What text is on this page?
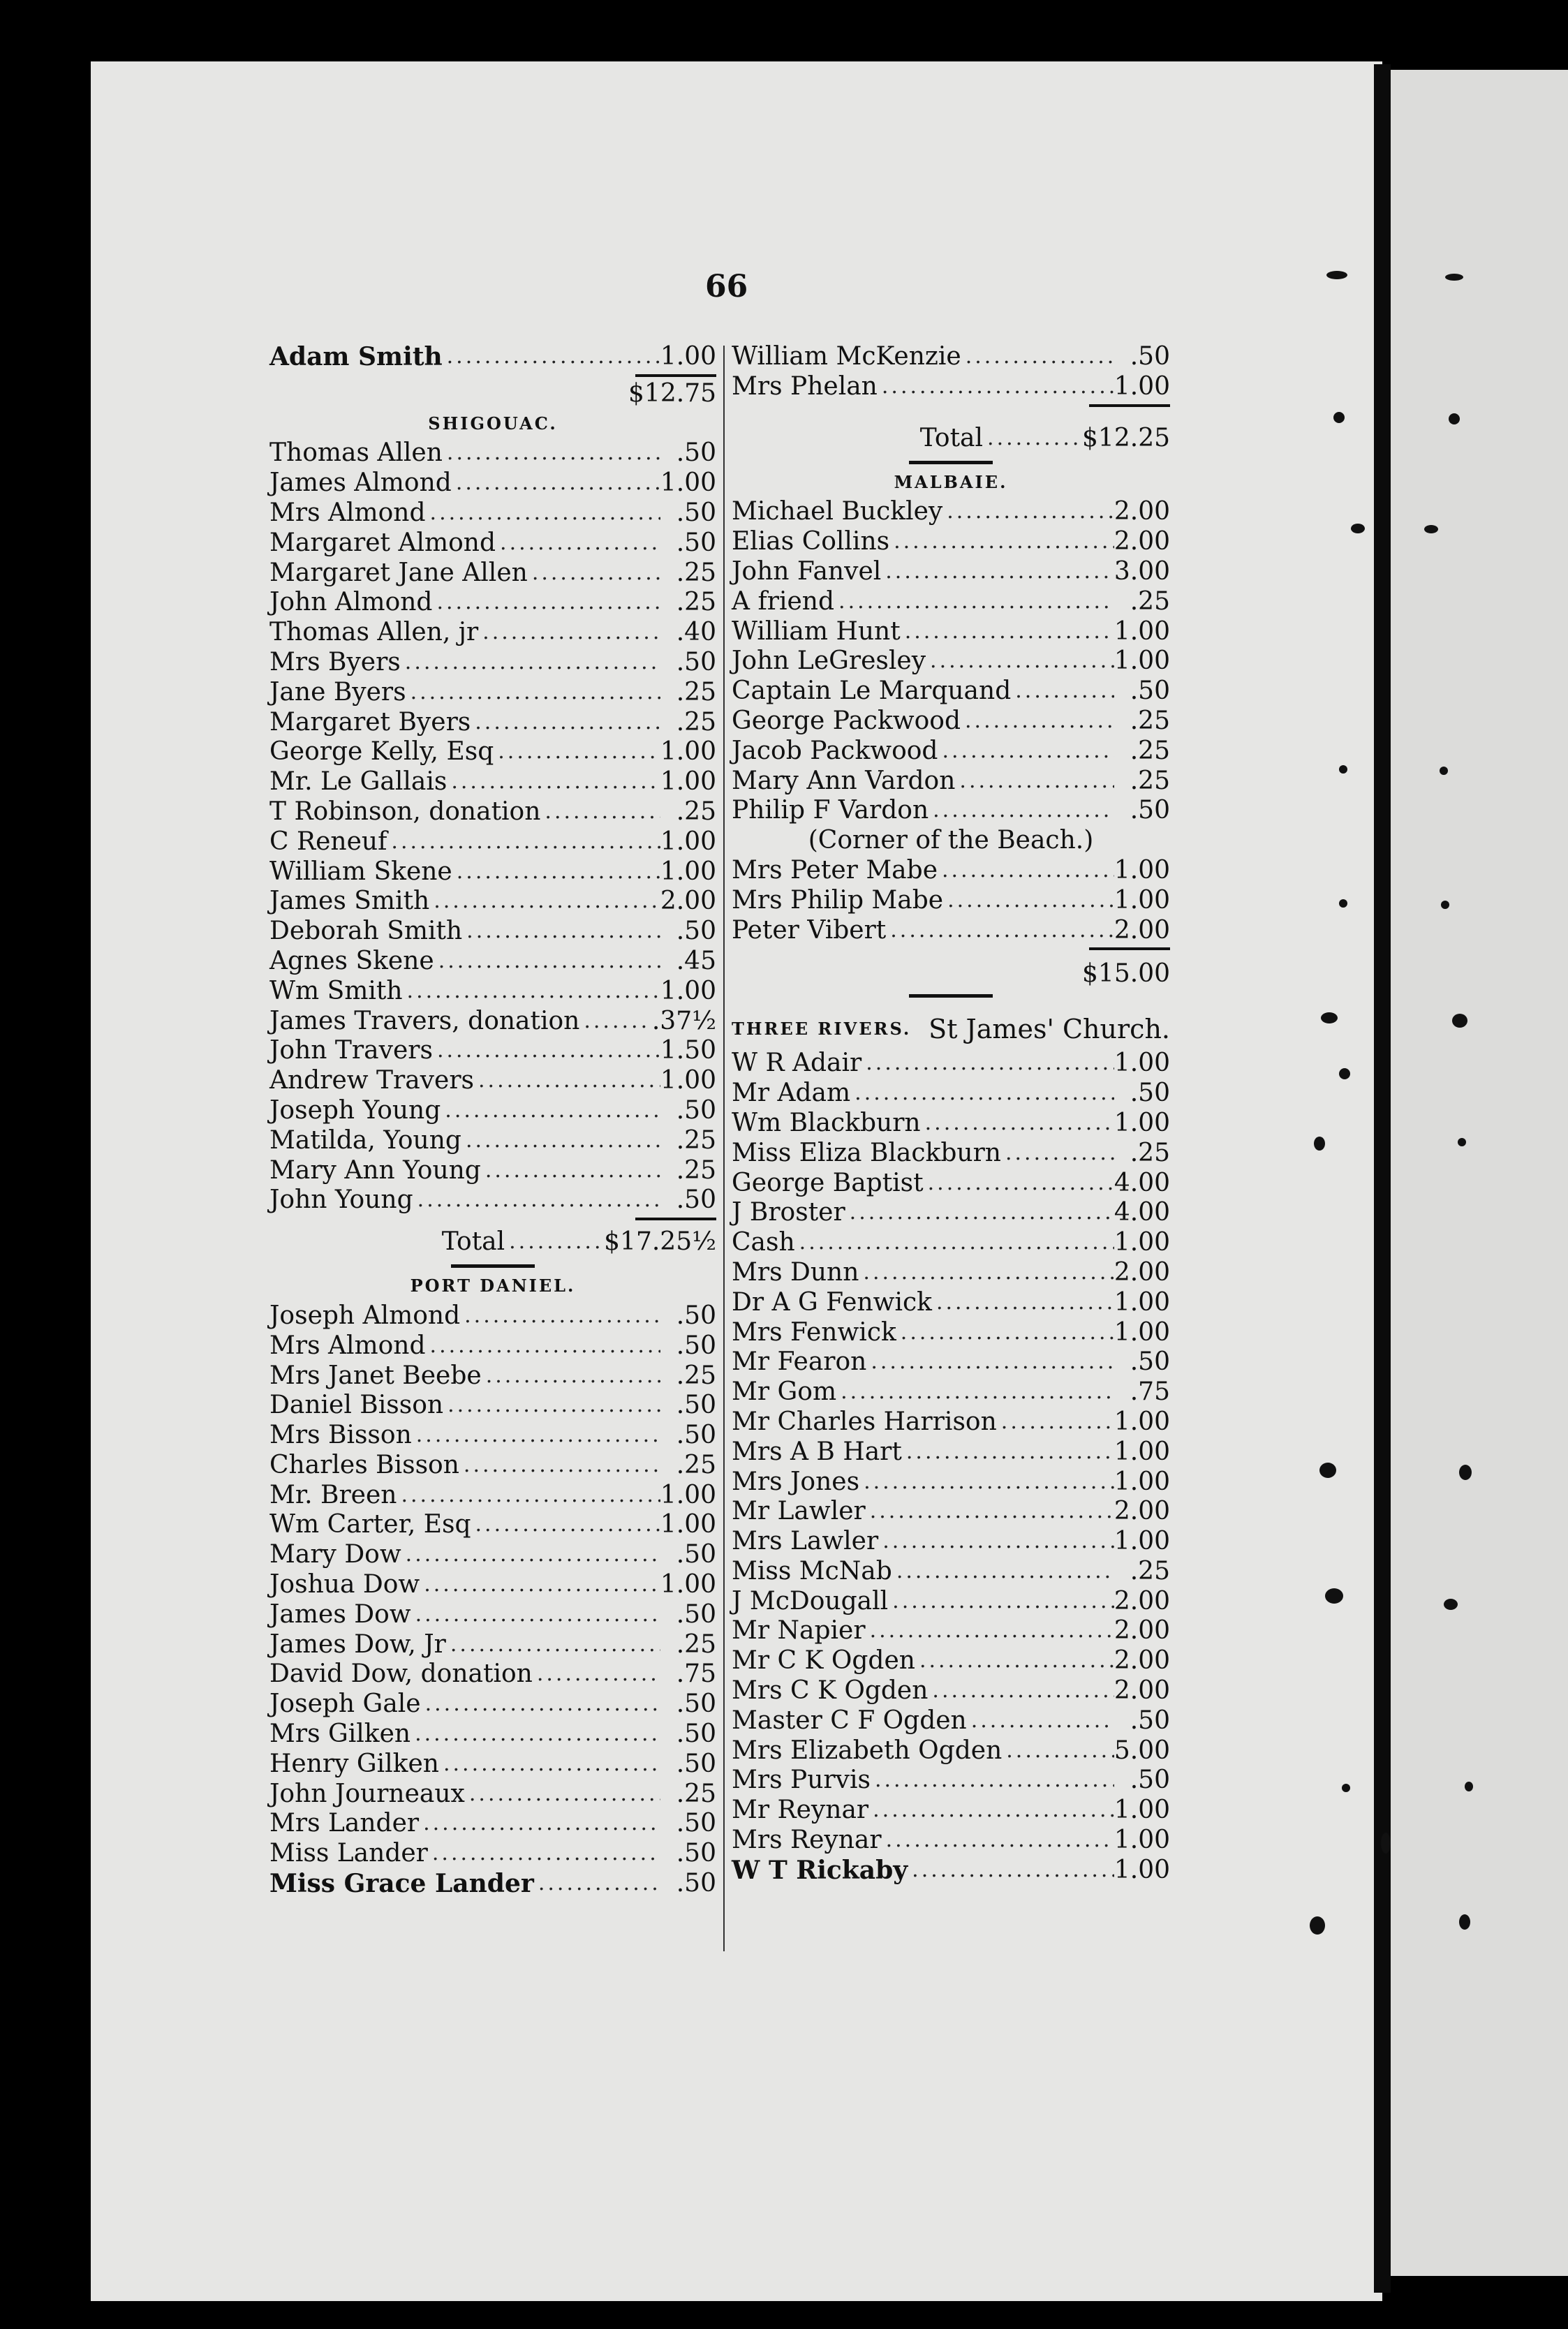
66
Adam Smith .....	1.00
$12.75
SHIGOUAC.
Thomas Allen .....	.50
James Almond .....	1.00
Mrs Almond .....	.50
Margaret Almond .....	.50
Margaret Jane Allen .....	.25
John Almond .....	.25
Thomas Allen, jr .....	.40
Mrs Byers .....	.50
Jane Byers .....	.25
Margaret Byers .....	.25
George Kelly, Esq .....	1.00
Mr. Le Gallais .....	1.00
T Robinson, donation .....	.25
C Reneuf .....	1.00
William Skene .....	1.00
James Smith .....	2.00
Deborah Smith .....	.50
Agnes Skene .....	.45
Wm Smith .....	1.00
James Travers, donation .....	.37½
John Travers .....	1.50
Andrew Travers .....	1.00
Joseph Young .....	.50
Matilda, Young .....	.25
Mary Ann Young .....	.25
John Young .....	.50
Total .....	$17.25½
PORT DANIEL.
Joseph Almond .....	.50
Mrs Almond .....	.50
Mrs Janet Beebe .....	.25
Daniel Bisson .....	.50
Mrs Bisson .....	.50
Charles Bisson .....	.25
Mr. Breen .....	1.00
Wm Carter, Esq .....	1.00
Mary Dow .....	.50
Joshua Dow .....	1.00
James Dow .....	.50
James Dow, Jr .....	.25
David Dow, donation .....	.75
Joseph Gale .....	.50
Mrs Gilken .....	.50
Henry Gilken .....	.50
John Journeaux .....	.25
Mrs Lander .....	.50
Miss Lander .....	.50
Miss Grace Lander .....	.50
William McKenzie .....	.50
Mrs Phelan .....	1.00
Total .....	$12.25
MALBAIE.
Michael Buckley .....	2.00
Elias Collins .....	2.00
John Fanvel .....	3.00
A friend .....	.25
William Hunt .....	1.00
John LeGresley .....	1.00
Captain Le Marquand .....	.50
George Packwood .....	.25
Jacob Packwood .....	.25
Mary Ann Vardon .....	.25
Philip F Vardon .....	.50
(Corner of the Beach.)
Mrs Peter Mabe .....	1.00
Mrs Philip Mabe .....	1.00
Peter Vibert .....	2.00
$15.00
THREE RIVERS. St James' Church.
W R Adair .....	1.00
Mr Adam .....	.50
Wm Blackburn .....	1.00
Miss Eliza Blackburn .....	.25
George Baptist .....	4.00
J Broster .....	4.00
Cash .....	1.00
Mrs Dunn .....	2.00
Dr A G Fenwick .....	1.00
Mrs Fenwick .....	1.00
Mr Fearon .....	.50
Mr Gom .....	.75
Mr Charles Harrison .....	1.00
Mrs A B Hart .....	1.00
Mrs Jones .....	1.00
Mr Lawler .....	2.00
Mrs Lawler .....	1.00
Miss McNab .....	.25
J McDougall .....	2.00
Mr Napier .....	2.00
Mr C K Ogden .....	2.00
Mrs C K Ogden .....	2.00
Master C F Ogden .....	.50
Mrs Elizabeth Ogden .....	5.00
Mrs Purvis .....	.50
Mr Reynar .....	1.00
Mrs Reynar .....	1.00
W T Rickaby .....	1.00
